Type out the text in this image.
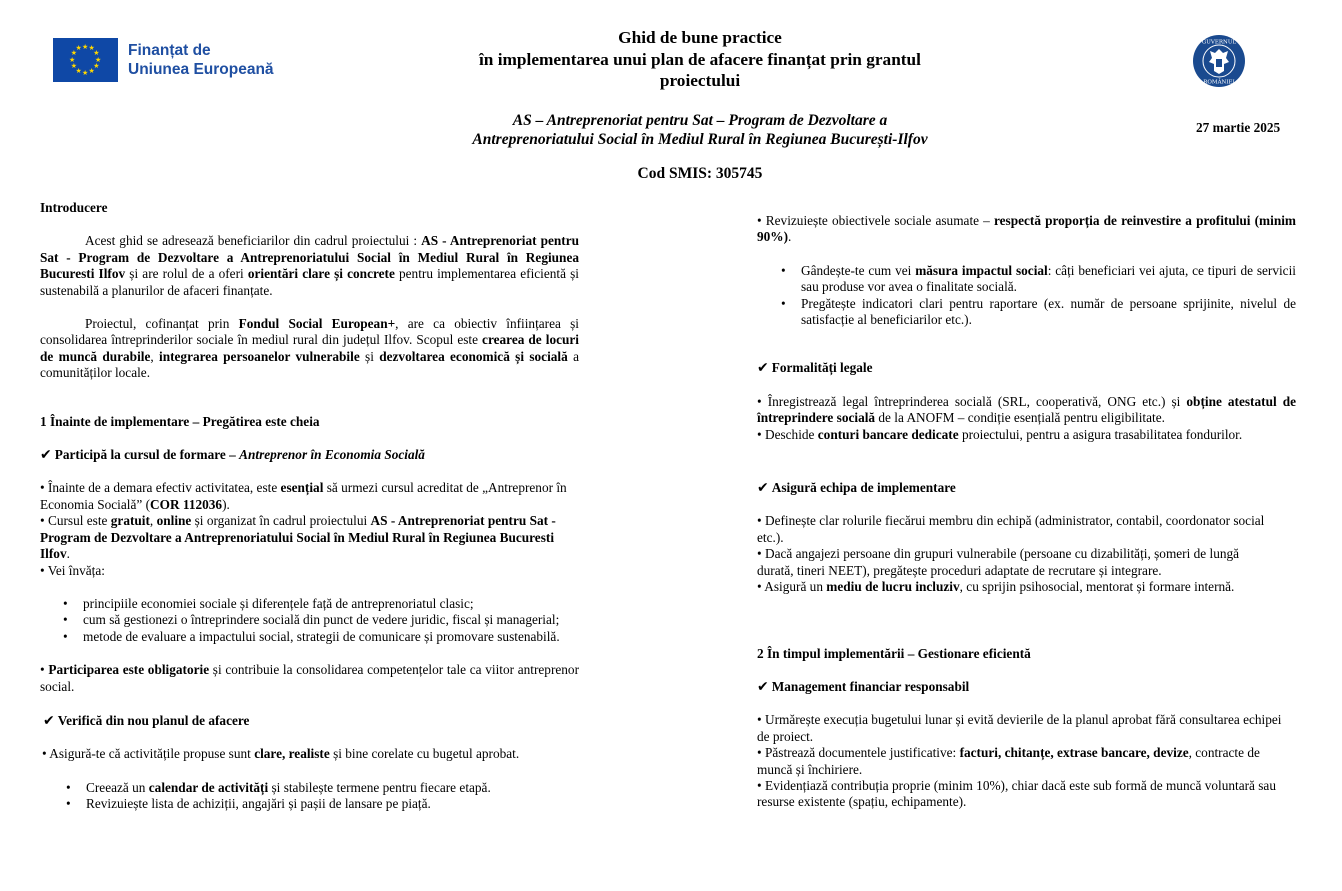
★ ★
★
★
★
★
★
★
★
★
★
★	Finanțat de
Uniunea Europeană

Ghid de bune practice
în implementarea unui plan de afacere finanțat prin grantul
proiectului

AS – Antreprenoriat pentru Sat – Program de Dezvoltare a
Antreprenoriatului Social în Mediul Rural în Regiunea București-Ilfov

Cod SMIS: 305745
GUVERNUL
ROMÂNIEI
27 martie 2025

Introducere

Acest ghid se adresează beneficiarilor din cadrul proiectului : AS - Antreprenoriat pentru Sat - Program de Dezvoltare a Antreprenoriatului Social în Mediul Rural în Regiunea Bucuresti Ilfov și are rolul de a oferi orientări clare și concrete pentru implementarea eficientă și sustenabilă a planurilor de afaceri finanțate.

Proiectul, cofinanțat prin Fondul Social European+, are ca obiectiv înființarea și consolidarea întreprinderilor sociale în mediul rural din județul Ilfov. Scopul este crearea de locuri de muncă durabile, integrarea persoanelor vulnerabile și dezvoltarea economică și socială a comunităților locale.

1 Înainte de implementare – Pregătirea este cheia

✔ Participă la cursul de formare – Antreprenor în Economia Socială

• Înainte de a demara efectiv activitatea, este esențial să urmezi cursul acreditat de „Antreprenor în Economia Socială” (COR 112036).

• Cursul este gratuit, online și organizat în cadrul proiectului AS - Antreprenoriat pentru Sat - Program de Dezvoltare a Antreprenoriatului Social în Mediul Rural în Regiunea Bucuresti Ilfov.

• Vei învăța:

• principiile economiei sociale și diferențele față de antreprenoriatul clasic;
• cum să gestionezi o întreprindere socială din punct de vedere juridic, fiscal și managerial;
• metode de evaluare a impactului social, strategii de comunicare și promovare sustenabilă.

• Participarea este obligatorie și contribuie la consolidarea competențelor tale ca viitor antreprenor social.

✔ Verifică din nou planul de afacere

• Asigură-te că activitățile propuse sunt clare, realiste și bine corelate cu bugetul aprobat.

• Creează un calendar de activități și stabilește termene pentru fiecare etapă.
• Revizuiește lista de achiziții, angajări și pașii de lansare pe piață.

• Revizuiește obiectivele sociale asumate – respectă proporția de reinvestire a profitului (minim 90%).

• Gândește-te cum vei măsura impactul social: câți beneficiari vei ajuta, ce tipuri de servicii sau produse vor avea o finalitate socială.
• Pregătește indicatori clari pentru raportare (ex. număr de persoane sprijinite, nivelul de satisfacție al beneficiarilor etc.).

✔ Formalități legale

• Înregistrează legal întreprinderea socială (SRL, cooperativă, ONG etc.) și obține atestatul de întreprindere socială de la ANOFM – condiție esențială pentru eligibilitate.
• Deschide conturi bancare dedicate proiectului, pentru a asigura trasabilitatea fondurilor.

✔ Asigură echipa de implementare

• Definește clar rolurile fiecărui membru din echipă (administrator, contabil, coordonator social etc.).

• Dacă angajezi persoane din grupuri vulnerabile (persoane cu dizabilități, șomeri de lungă durată, tineri NEET), pregătește proceduri adaptate de recrutare și integrare.

• Asigură un mediu de lucru incluziv, cu sprijin psihosocial, mentorat și formare internă.

2 În timpul implementării – Gestionare eficientă

✔ Management financiar responsabil

• Urmărește execuția bugetului lunar și evită devierile de la planul aprobat fără consultarea echipei de proiect.

• Păstrează documentele justificative: facturi, chitanțe, extrase bancare, devize, contracte de muncă și închiriere.

• Evidențiază contribuția proprie (minim 10%), chiar dacă este sub formă de muncă voluntară sau resurse existente (spațiu, echipamente).
